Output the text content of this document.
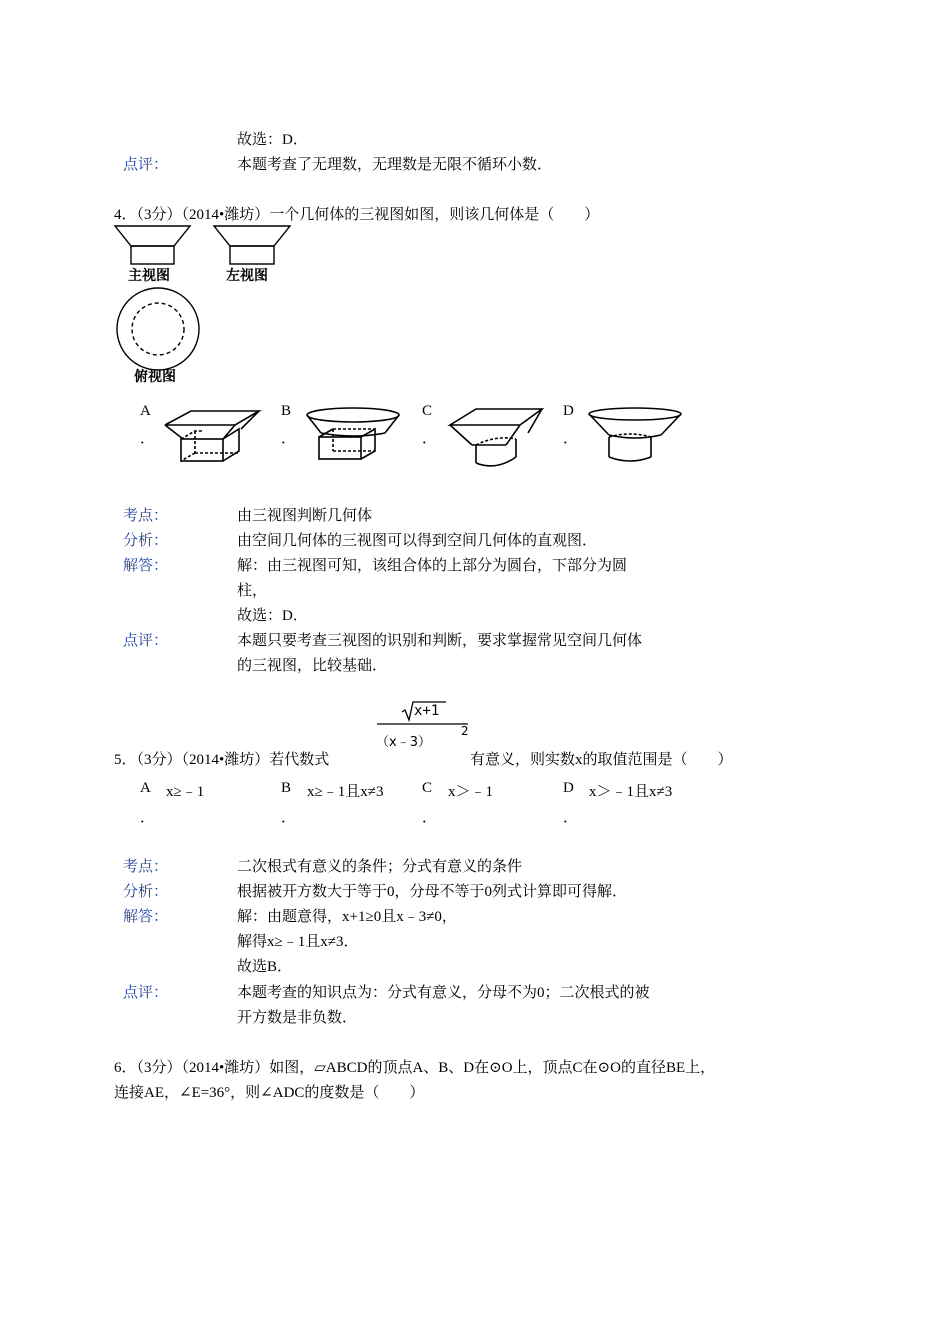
故选：D．
点评：	本题考查了无理数，无理数是无限不循环小数．
4．（3分）（2014•潍坊）一个几何体的三视图如图，则该几何体是（　　）
主视图	左视图
俯视图
A
．
B
．
C
．
D
．
考点：	由三视图判断几何体
分析：	由空间几何体的三视图可以得到空间几何体的直观图．
解答：	解：由三视图可知，该组合体的上部分为圆台，下部分为圆
柱，
故选：D．
点评：	本题只要考查三视图的识别和判断，要求掌握常见空间几何体
的三视图，比较基础．
5．（3分）（2014•潍坊）若代数式
x+1
（x﹣3）
2
有意义，则实数x的取值范围是（　　）
A x≥﹣1
．
B x≥﹣1且x≠3
．
C x＞﹣1
．
D x＞﹣1且x≠3
．
考点：	二次根式有意义的条件；分式有意义的条件
分析：	根据被开方数大于等于0，分母不等于0列式计算即可得解．
解答：	解：由题意得，x+1≥0且x﹣3≠0，
解得x≥﹣1且x≠3．
故选B．
点评：	本题考查的知识点为：分式有意义，分母不为0；二次根式的被
开方数是非负数．
6．（3分）（2014•潍坊）如图，▱ABCD的顶点A、B、D在⊙O上，顶点C在⊙O的直径BE上，
连接AE，∠E=36°，则∠ADC的度数是（　　）
